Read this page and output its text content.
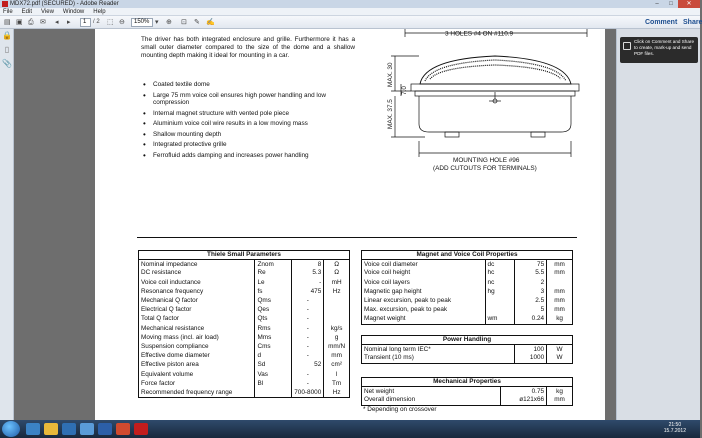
MDX72.pdf (SECURED) - Adobe Reader	–	□	✕
File Edit View Window Help
▤ ▣ ⎙ ✉ ◂ ▸	1	/ 2 ⬚ ⊖	150% ▾ ⊕ ⊡ ✎ ✍	Comment Share
🔒
▯
📎

The driver has both integrated enclosure and grille. Furthermore it has a small outer diameter compared to the size of the dome and a shallow mounting depth making it ideal for mounting in a car.

• Coated textile dome
• Large 75 mm voice coil ensures high power handling and low compression
• Internal magnet structure with vented pole piece
• Aluminium voice coil wire results in a low moving mass
• Shallow mounting depth
• Integrated protective grille
• Ferrofluid adds damping and increases power handling
3 HOLES #4 ON #110.9
MAX. 30
7.0
MAX. 37.5
MOUNTING HOLE #96
(ADD CUTOUTS FOR TERMINALS)
Thiele Small Parameters			
Nominal impedance	Znom	8	Ω
DC resistance	Re	5.3	Ω
Voice coil inductance	Le	-	mH
Resonance frequency	fs	475	Hz
Mechanical Q factor	Qms	-	
Electrical Q factor	Qes	-	
Total Q factor	Qts	-	
Mechanical resistance	Rms	-	kg/s
Moving mass (incl. air load)	Mms	-	g
Suspension compliance	Cms	-	mm/N
Effective dome diameter	d	-	mm
Effective piston area	Sd	52	cm²
Equivalent volume	Vas	-	l
Force factor	Bl	-	Tm
Recommended frequency range		700-8000	Hz
Magnet and Voice Coil Properties			
Voice coil diameter	dc	75	mm
Voice coil height	hc	5.5	mm
Voice coil layers	nc	2	
Magnetic gap height	hg	3	mm
Linear excursion, peak to peak		2.5	mm
Max. excursion, peak to peak		5	mm
Magnet weight	wm	0.24	kg
Power Handling		
Nominal long term IEC*	100	W
Transient (10 ms)	1000	W
Mechanical Properties		
Net weight	0.75	kg
Overall dimension	ø121x66	mm
* Depending on crossover
Click on Comment and Share to create, mark-up and send PDF files.
21:50
15.7.2012
